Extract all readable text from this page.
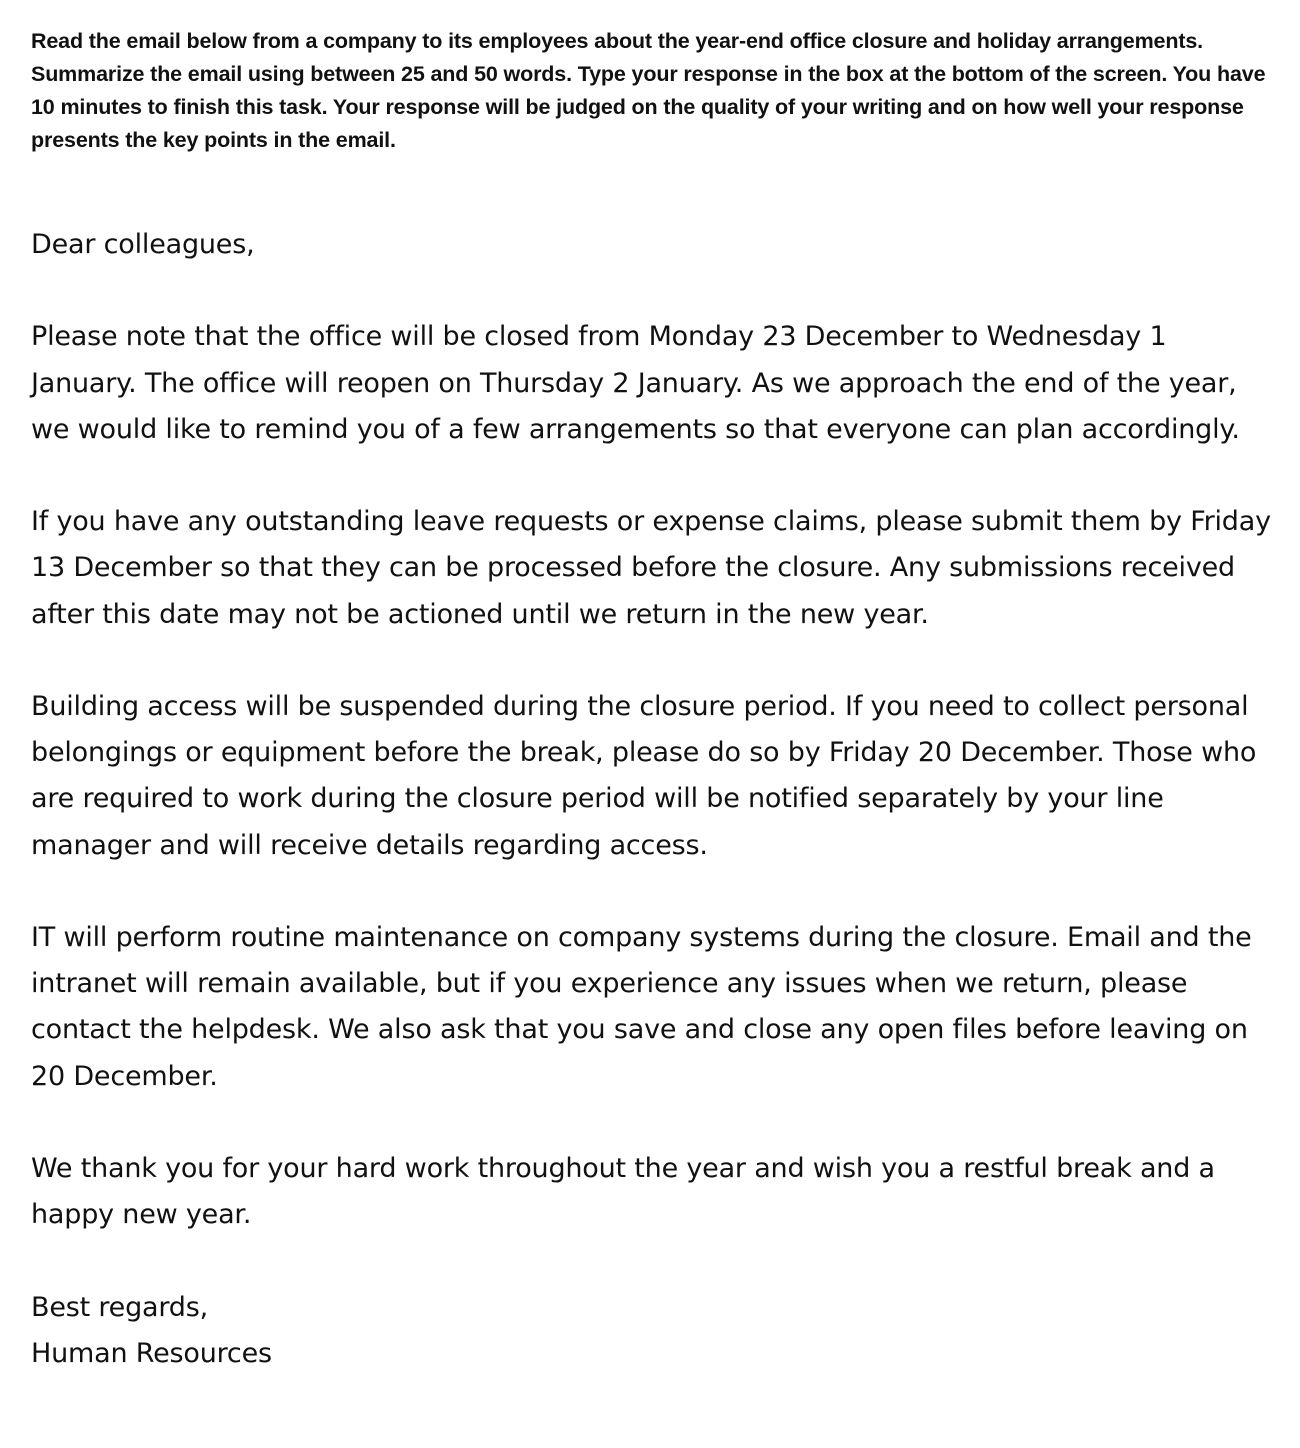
Read the email below from a company to its employees about the year-end office closure and holiday arrangements. Summarize the email using between 25 and 50 words. Type your response in the box at the bottom of the screen. You have 10 minutes to finish this task. Your response will be judged on the quality of your writing and on how well your response presents the key points in the email.

Dear colleagues,

Please note that the office will be closed from Monday 23 December to Wednesday 1 January. The office will reopen on Thursday 2 January. As we approach the end of the year, we would like to remind you of a few arrangements so that everyone can plan accordingly.

If you have any outstanding leave requests or expense claims, please submit them by Friday 13 December so that they can be processed before the closure. Any submissions received after this date may not be actioned until we return in the new year.

Building access will be suspended during the closure period. If you need to collect personal belongings or equipment before the break, please do so by Friday 20 December. Those who are required to work during the closure period will be notified separately by your line manager and will receive details regarding access.

IT will perform routine maintenance on company systems during the closure. Email and the intranet will remain available, but if you experience any issues when we return, please contact the helpdesk. We also ask that you save and close any open files before leaving on 20 December.

We thank you for your hard work throughout the year and wish you a restful break and a happy new year.

Best regards,

Human Resources
